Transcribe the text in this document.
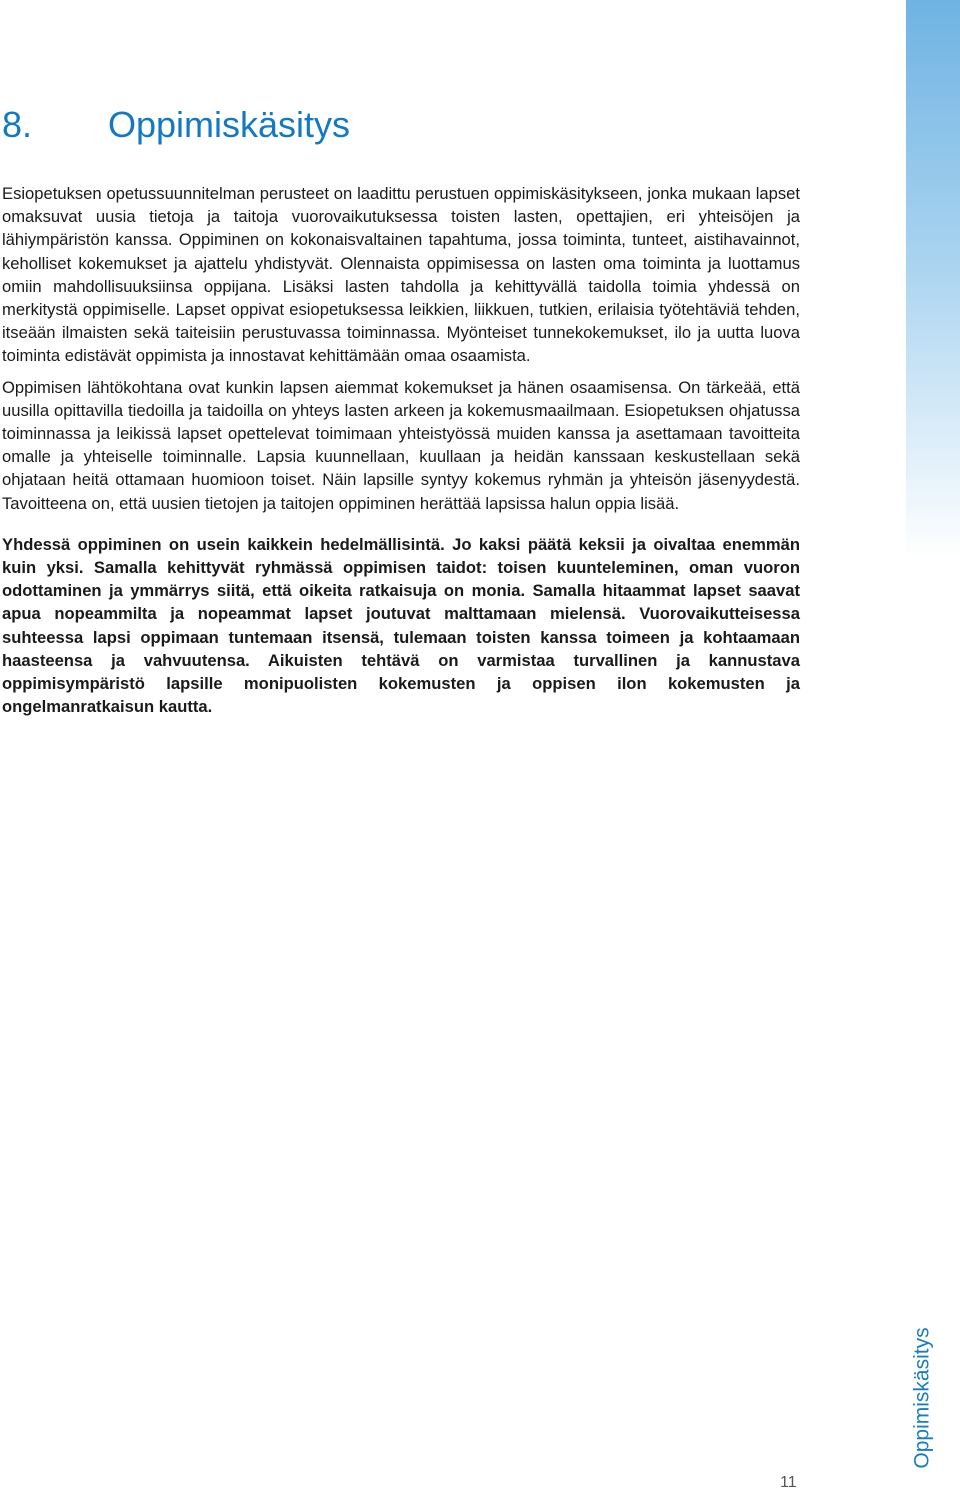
Oppimiskäsitys
8. Oppimiskäsitys

Esiopetuksen opetussuunnitelman perusteet on laadittu perustuen oppimiskäsitykseen, jonka mukaan lapset omaksuvat uusia tietoja ja taitoja vuorovaikutuksessa toisten lasten, opettajien, eri yhteisöjen ja lähiympäristön kanssa. Oppiminen on kokonaisvaltainen tapahtuma, jossa toiminta, tunteet, aistihavainnot, keholliset kokemukset ja ajattelu yhdistyvät. Olennaista oppimisessa on lasten oma toiminta ja luottamus omiin mahdollisuuksiinsa oppijana. Lisäksi lasten tahdolla ja kehittyvällä taidolla toimia yhdessä on merkitystä oppimiselle. Lapset oppivat esiopetuksessa leikkien, liikkuen, tutkien, erilaisia työtehtäviä tehden, itseään ilmaisten sekä taiteisiin perustuvassa toiminnassa. Myönteiset tunnekokemukset, ilo ja uutta luova toiminta edistävät oppimista ja innostavat kehittämään omaa osaamista.

Oppimisen lähtökohtana ovat kunkin lapsen aiemmat kokemukset ja hänen osaamisensa. On tärkeää, että uusilla opittavilla tiedoilla ja taidoilla on yhteys lasten arkeen ja kokemusmaailmaan. Esiopetuksen ohjatussa toiminnassa ja leikissä lapset opettelevat toimimaan yhteistyössä muiden kanssa ja asettamaan tavoitteita omalle ja yhteiselle toiminnalle. Lapsia kuunnellaan, kuullaan ja heidän kanssaan keskustellaan sekä ohjataan heitä ottamaan huomioon toiset. Näin lapsille syntyy kokemus ryhmän ja yhteisön jäsenyydestä. Tavoitteena on, että uusien tietojen ja taitojen oppiminen herättää lapsissa halun oppia lisää.

Yhdessä oppiminen on usein kaikkein hedelmällisintä. Jo kaksi päätä keksii ja oivaltaa enemmän kuin yksi. Samalla kehittyvät ryhmässä oppimisen taidot: toisen kuunteleminen, oman vuoron odottaminen ja ymmärrys siitä, että oikeita ratkaisuja on monia. Samalla hitaammat lapset saavat apua nopeammilta ja nopeammat lapset joutuvat malttamaan mielensä. Vuorovaikutteisessa suhteessa lapsi oppimaan tuntemaan itsensä, tulemaan toisten kanssa toimeen ja kohtaamaan haasteensa ja vahvuutensa. Aikuisten tehtävä on varmistaa turvallinen ja kannustava oppimisympäristö lapsille monipuolisten kokemusten ja oppisen ilon kokemusten ja ongelmanratkaisun kautta.

11
